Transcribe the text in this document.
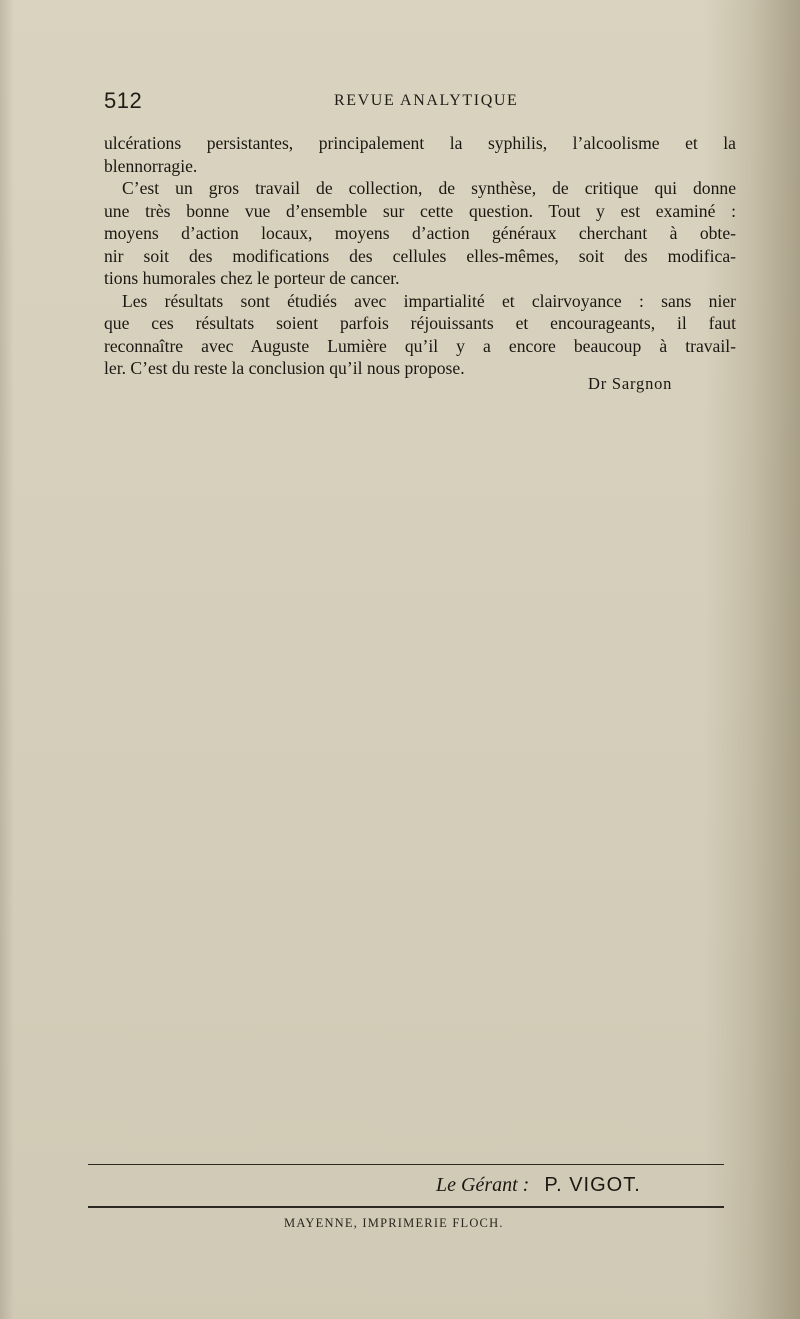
512	REVUE ANALYTIQUE
ulcérations persistantes, principalement la syphilis, l’alcoolisme et la
blennorragie.
C’est un gros travail de collection, de synthèse, de critique qui donne
une très bonne vue d’ensemble sur cette question. Tout y est examiné :
moyens d’action locaux, moyens d’action généraux cherchant à obte-
nir soit des modifications des cellules elles-mêmes, soit des modifica-
tions humorales chez le porteur de cancer.
Les résultats sont étudiés avec impartialité et clairvoyance : sans nier
que ces résultats soient parfois réjouissants et encourageants, il faut
reconnaître avec Auguste Lumière qu’il y a encore beaucoup à travail-
ler. C’est du reste la conclusion qu’il nous propose.
Dr Sargnon
Le Gérant : P. VIGOT.
MAYENNE, IMPRIMERIE FLOCH.
